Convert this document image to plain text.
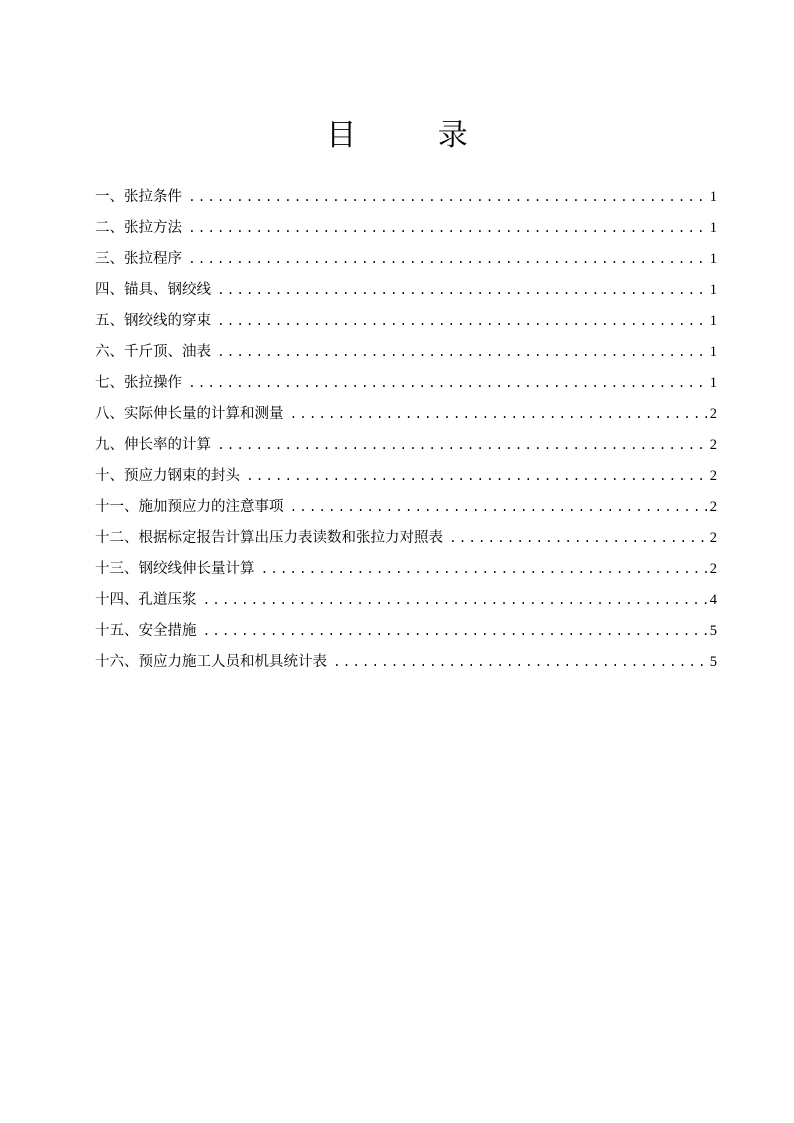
目 录
一、张拉条件 .....	1
二、张拉方法 .....	1
三、张拉程序 .....	1
四、锚具、钢绞线 .....	1
五、钢绞线的穿束 .....	1
六、千斤顶、油表 .....	1
七、张拉操作 .....	1
八、实际伸长量的计算和测量 .....	2
九、伸长率的计算 .....	2
十、预应力钢束的封头 .....	2
十一、施加预应力的注意事项 .....	2
十二、根据标定报告计算出压力表读数和张拉力对照表 .....	2
十三、钢绞线伸长量计算 .....	2
十四、孔道压浆 .....	4
十五、安全措施 .....	5
十六、预应力施工人员和机具统计表 .....	5
